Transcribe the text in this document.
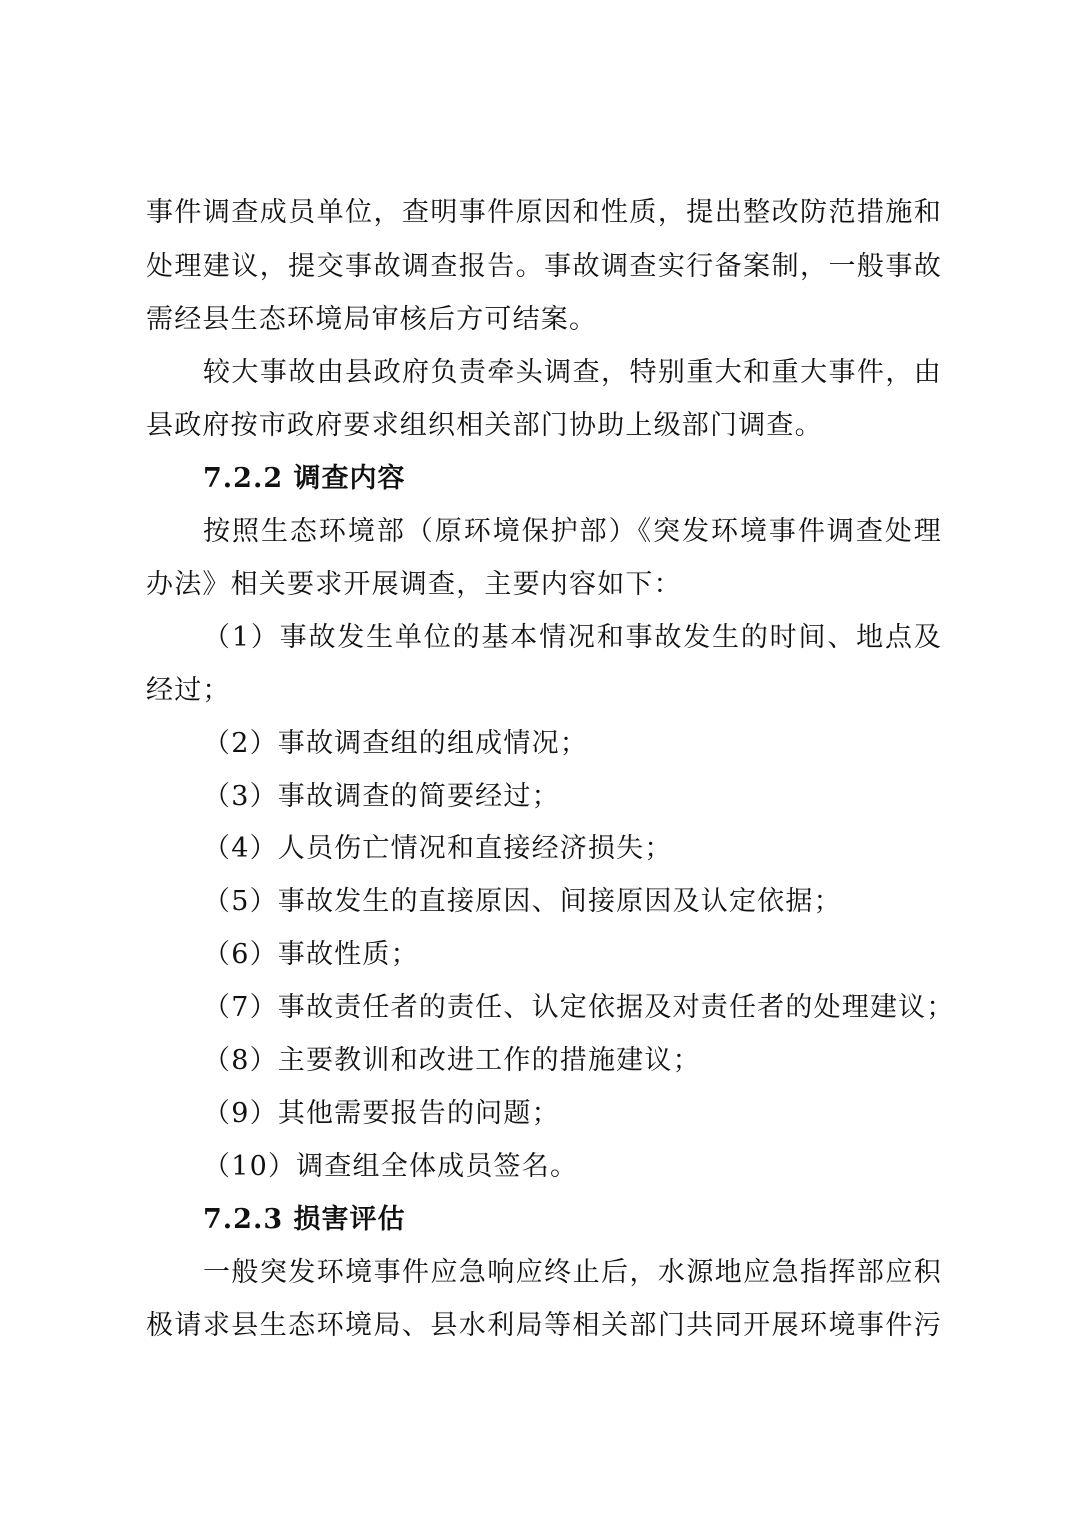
事件调查成员单位，查明事件原因和性质，提出整改防范措施和
处理建议，提交事故调查报告。事故调查实行备案制，一般事故
需经县生态环境局审核后方可结案。
较大事故由县政府负责牵头调查，特别重大和重大事件，由
县政府按市政府要求组织相关部门协助上级部门调查。
7.2.2 调查内容
按照生态环境部（原环境保护部）《突发环境事件调查处理
办法》相关要求开展调查，主要内容如下：
（1）事故发生单位的基本情况和事故发生的时间、地点及
经过；
（2）事故调查组的组成情况；
（3）事故调查的简要经过；
（4）人员伤亡情况和直接经济损失；
（5）事故发生的直接原因、间接原因及认定依据；
（6）事故性质；
（7）事故责任者的责任、认定依据及对责任者的处理建议；
（8）主要教训和改进工作的措施建议；
（9）其他需要报告的问题；
（10）调查组全体成员签名。
7.2.3 损害评估
一般突发环境事件应急响应终止后，水源地应急指挥部应积
极请求县生态环境局、县水利局等相关部门共同开展环境事件污
